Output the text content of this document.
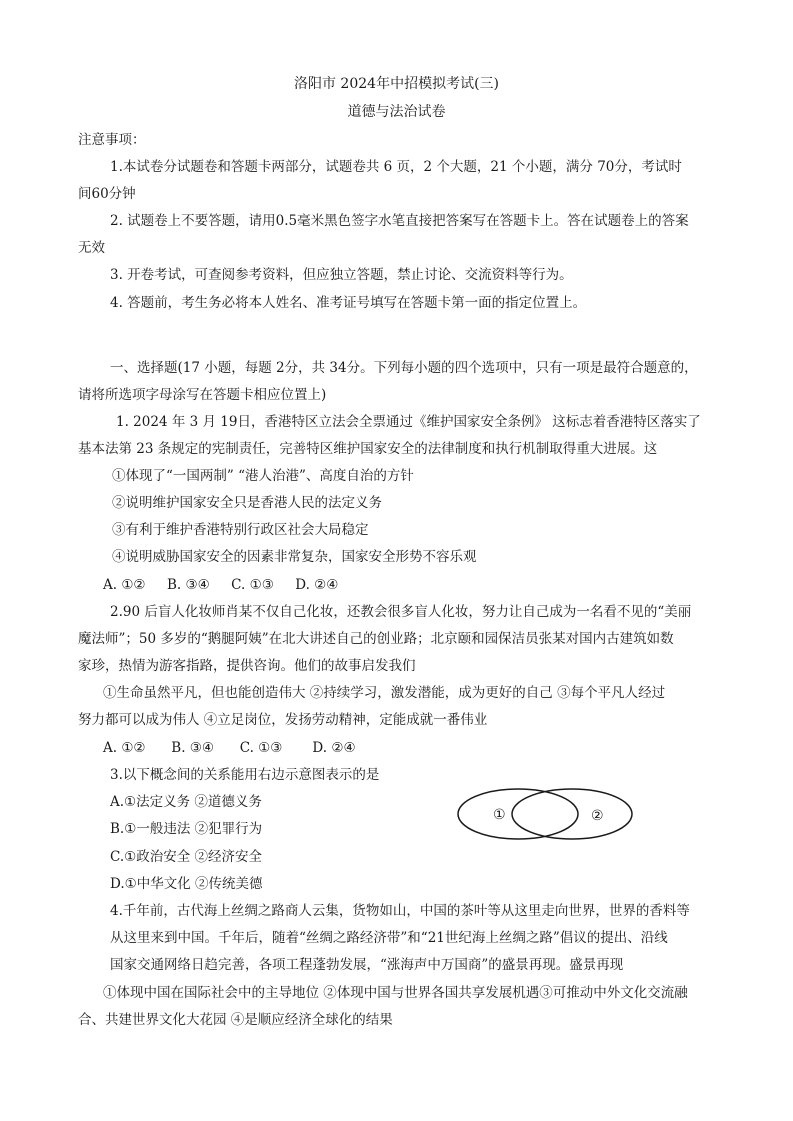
洛阳市 2024年中招模拟考试(三)
道德与法治试卷
注意事项：
1.本试卷分试题卷和答题卡两部分，试题卷共 6 页，2 个大题，21 个小题，满分 70分，考试时
间60分钟
2. 试题卷上不要答题，请用0.5毫米黑色签字水笔直接把答案写在答题卡上。答在试题卷上的答案
无效
3. 开卷考试，可查阅参考资料，但应独立答题，禁止讨论、交流资料等行为。
4. 答题前，考生务必将本人姓名、准考证号填写在答题卡第一面的指定位置上。
一、选择题(17 小题，每题 2分，共 34分。下列每小题的四个选项中，只有一项是最符合题意的，
请将所选项字母涂写在答题卡相应位置上)
1. 2024 年 3 月 19日，香港特区立法会全票通过《维护国家安全条例》 这标志着香港特区落实了
基本法第 23 条规定的宪制责任，完善特区维护国家安全的法律制度和执行机制取得重大进展。这
①体现了“一国两制” “港人治港”、高度自治的方针
②说明维护国家安全只是香港人民的法定义务
③有利于维护香港特别行政区社会大局稳定
④说明威胁国家安全的因素非常复杂，国家安全形势不容乐观
A. ①②     B. ③④     C. ①③     D. ②④
2.90 后盲人化妆师肖某不仅自己化妆，还教会很多盲人化妆，努力让自己成为一名看不见的“美丽
魔法师”；50 多岁的“鹅腿阿姨”在北大讲述自己的创业路；北京颐和园保洁员张某对国内古建筑如数
家珍，热情为游客指路，提供咨询。他们的故事启发我们
①生命虽然平凡，但也能创造伟大 ②持续学习，激发潜能，成为更好的自己 ③每个平凡人经过
努力都可以成为伟人 ④立足岗位，发扬劳动精神，定能成就一番伟业
A. ①②      B. ③④      C. ①③       D. ②④
3.以下概念间的关系能用右边示意图表示的是
A.①法定义务 ②道德义务
B.①一般违法 ②犯罪行为
C.①政治安全 ②经济安全
D.①中华文化 ②传统美德
①	②
4.千年前，古代海上丝绸之路商人云集，货物如山，中国的茶叶等从这里走向世界，世界的香料等
从这里来到中国。千年后，随着“丝绸之路经济带”和“21世纪海上丝绸之路”倡议的提出、沿线
国家交通网络日趋完善，各项工程蓬勃发展，“涨海声中万国商”的盛景再现。盛景再现
①体现中国在国际社会中的主导地位 ②体现中国与世界各国共享发展机遇③可推动中外文化交流融
合、共建世界文化大花园 ④是顺应经济全球化的结果
